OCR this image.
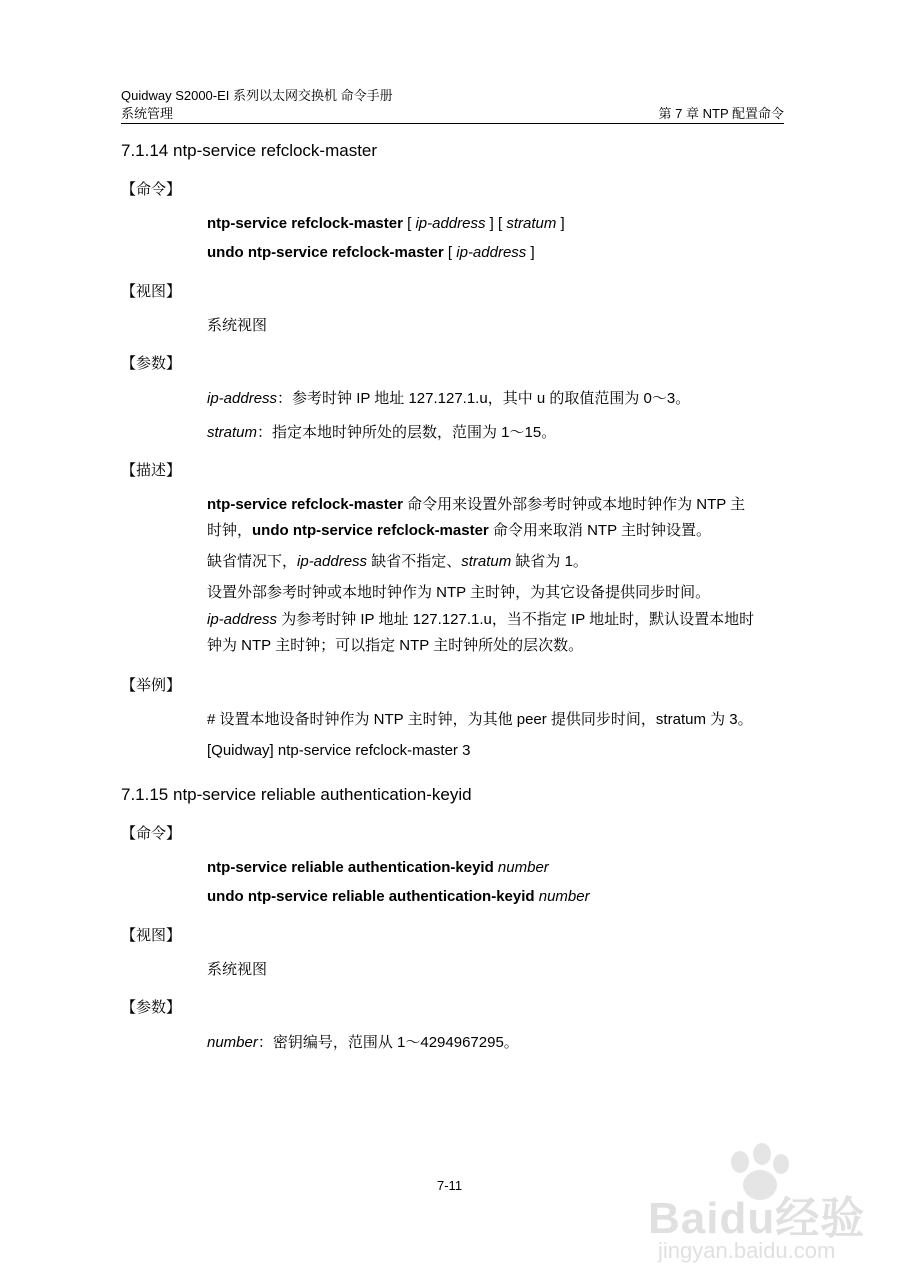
Quidway S2000-EI 系列以太网交换机 命令手册
系统管理	第 7 章 NTP 配置命令
7.1.14 ntp-service refclock-master
【命令】
ntp-service refclock-master [ ip-address ] [ stratum ]
undo ntp-service refclock-master [ ip-address ]
【视图】
系统视图
【参数】
ip-address：参考时钟 IP 地址 127.127.1.u，其中 u 的取值范围为 0～3。
stratum：指定本地时钟所处的层数，范围为 1～15。
【描述】
ntp-service refclock-master 命令用来设置外部参考时钟或本地时钟作为 NTP 主
时钟，undo ntp-service refclock-master 命令用来取消 NTP 主时钟设置。
缺省情况下，ip-address 缺省不指定、stratum 缺省为 1。
设置外部参考时钟或本地时钟作为 NTP 主时钟，为其它设备提供同步时间。
ip-address 为参考时钟 IP 地址 127.127.1.u，当不指定 IP 地址时，默认设置本地时
钟为 NTP 主时钟；可以指定 NTP 主时钟所处的层次数。
【举例】
# 设置本地设备时钟作为 NTP 主时钟，为其他 peer 提供同步时间，stratum 为 3。
[Quidway] ntp-service refclock-master 3
7.1.15 ntp-service reliable authentication-keyid
【命令】
ntp-service reliable authentication-keyid number
undo ntp-service reliable authentication-keyid number
【视图】
系统视图
【参数】
number：密钥编号，范围从 1～4294967295。
7-11
Baidu经验
jingyan.baidu.com
